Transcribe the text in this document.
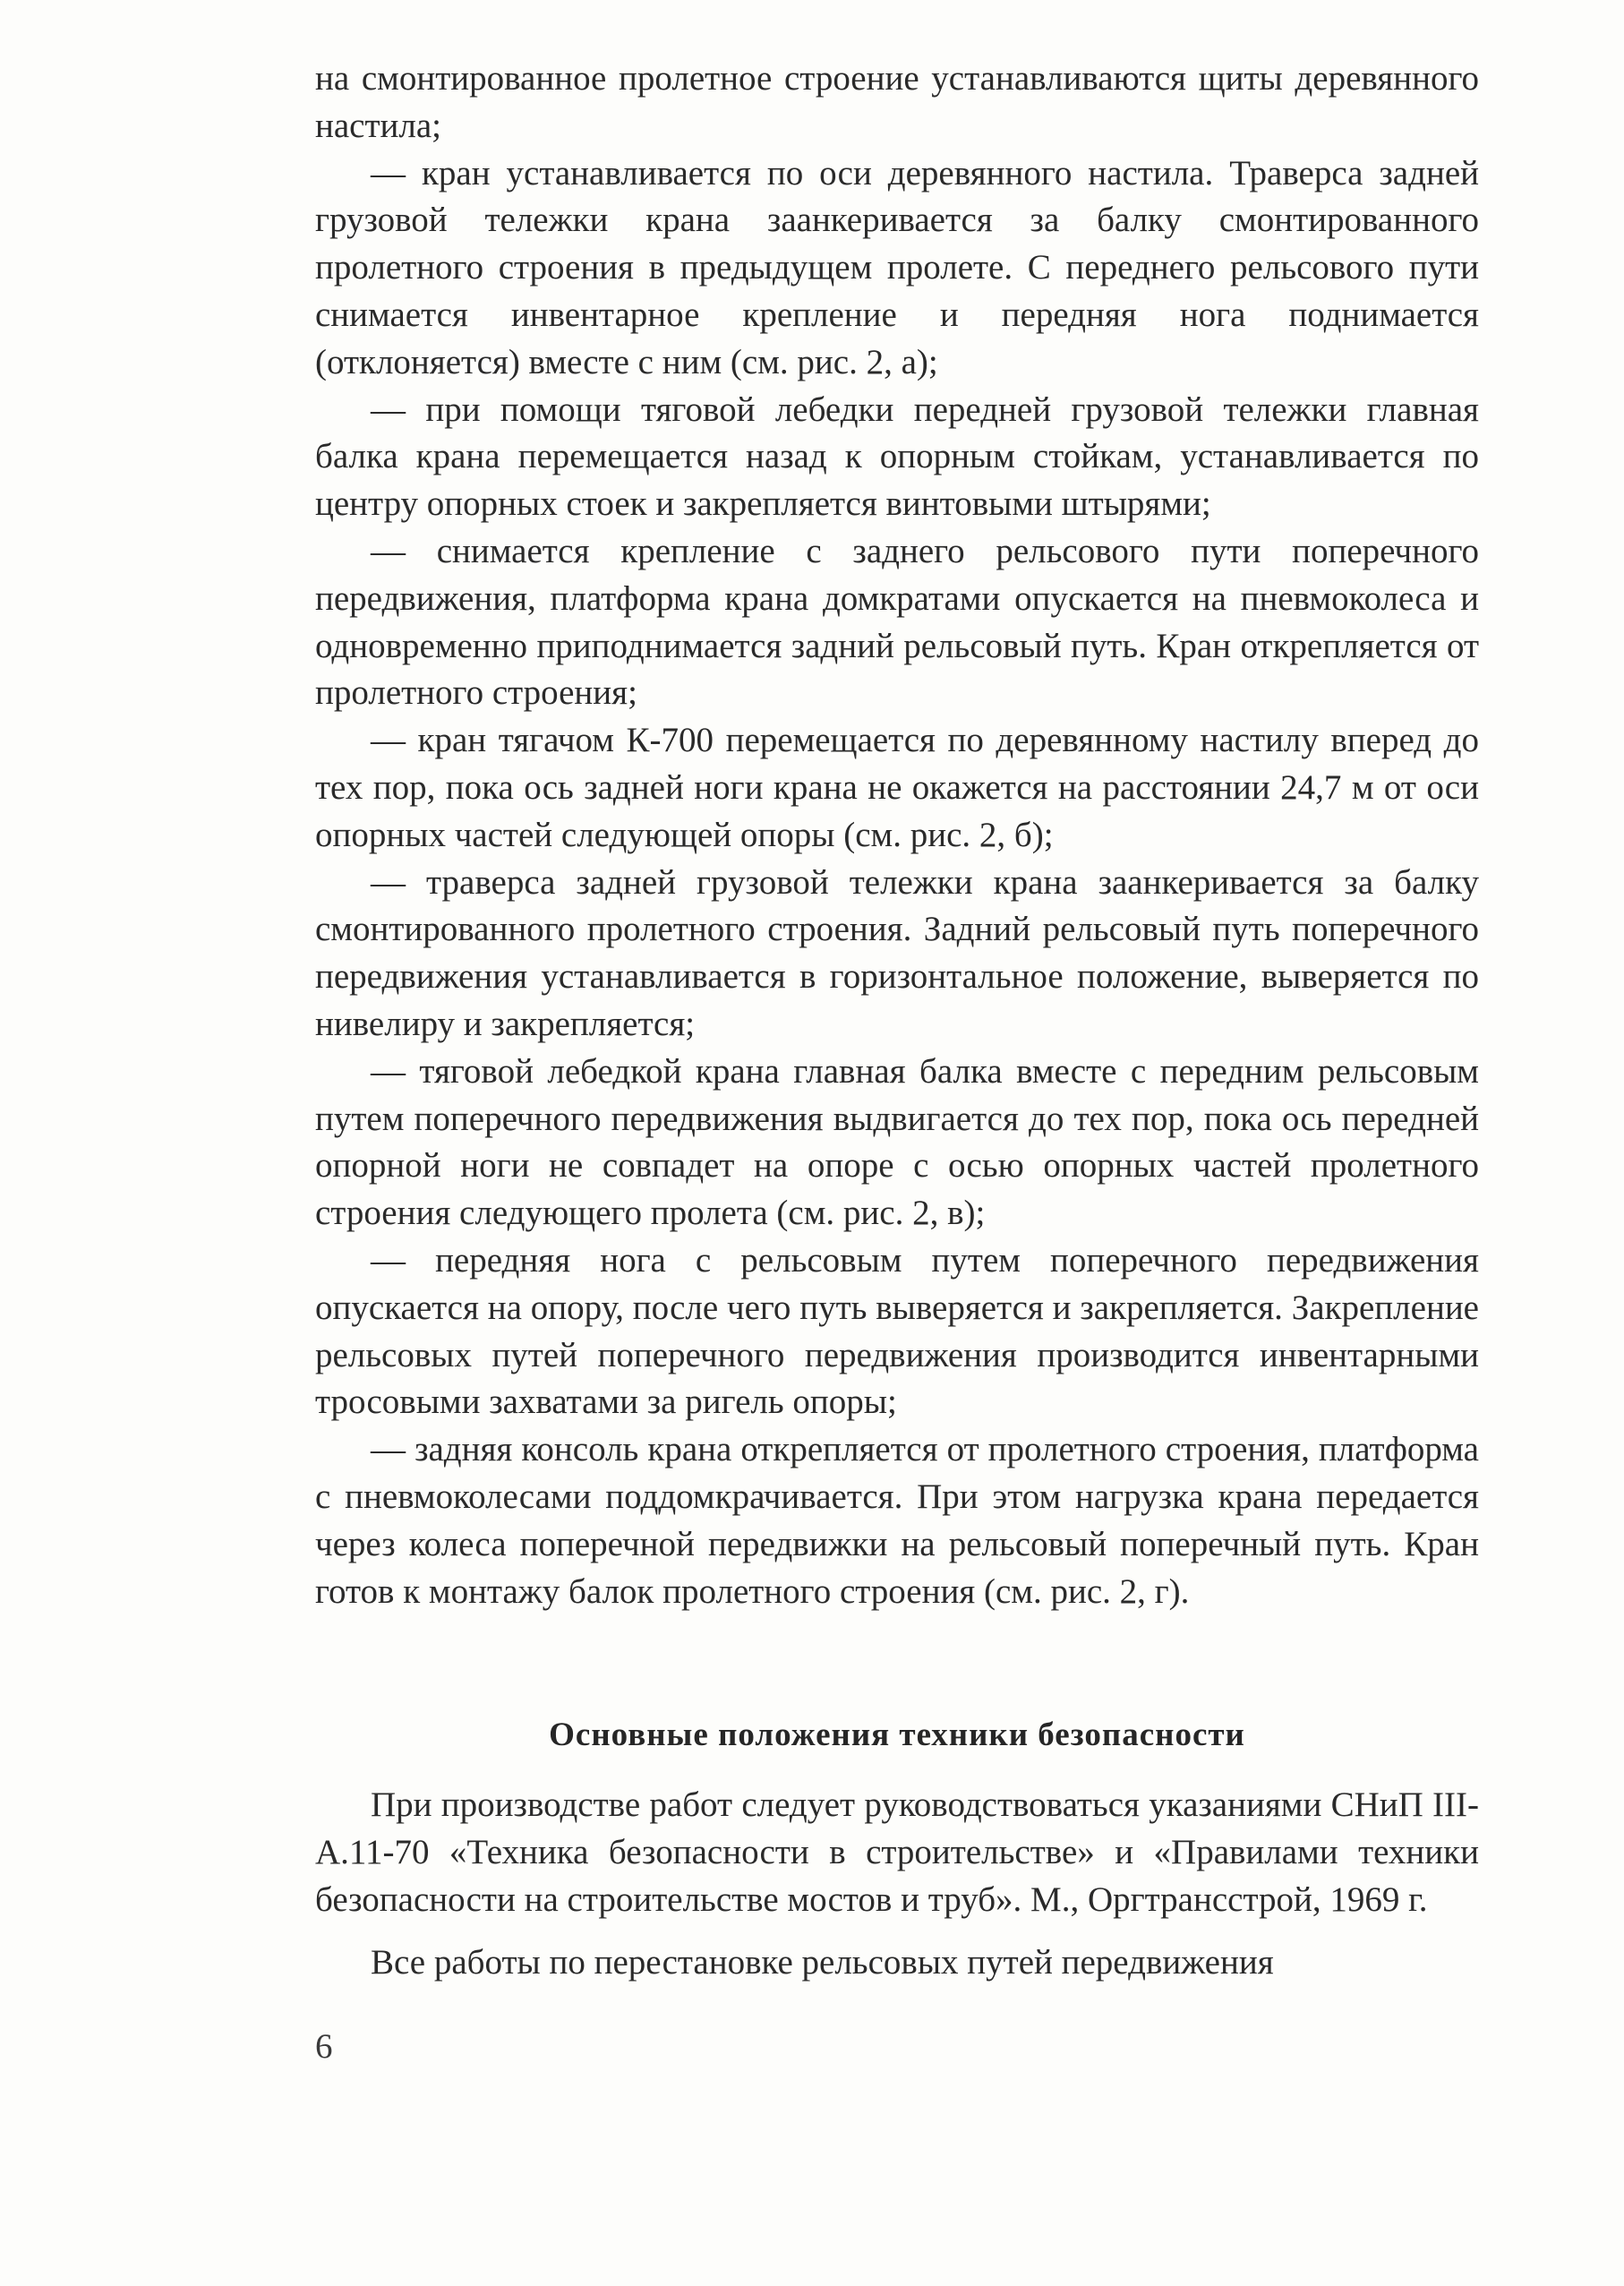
на смонтированное пролетное строение устанавливаются щиты деревянного настила;

— кран устанавливается по оси деревянного настила. Траверса задней грузовой тележки крана заанкеривается за балку смонтированного пролетного строения в предыдущем пролете. С переднего рельсового пути снимается инвентарное крепление и передняя нога поднимается (отклоняется) вместе с ним (см. рис. 2, а);

— при помощи тяговой лебедки передней грузовой тележки главная балка крана перемещается назад к опорным стойкам, устанавливается по центру опорных стоек и закрепляется винтовыми штырями;

— снимается крепление с заднего рельсового пути поперечного передвижения, платформа крана домкратами опускается на пневмоколеса и одновременно приподнимается задний рельсовый путь. Кран открепляется от пролетного строения;

— кран тягачом К-700 перемещается по деревянному настилу вперед до тех пор, пока ось задней ноги крана не окажется на расстоянии 24,7 м от оси опорных частей следующей опоры (см. рис. 2, б);

— траверса задней грузовой тележки крана заанкеривается за балку смонтированного пролетного строения. Задний рельсовый путь поперечного передвижения устанавливается в горизонтальное положение, выверяется по нивелиру и закрепляется;

— тяговой лебедкой крана главная балка вместе с передним рельсовым путем поперечного передвижения выдвигается до тех пор, пока ось передней опорной ноги не совпадет на опоре с осью опорных частей пролетного строения следующего пролета (см. рис. 2, в);

— передняя нога с рельсовым путем поперечного передвижения опускается на опору, после чего путь выверяется и закрепляется. Закрепление рельсовых путей поперечного передвижения производится инвентарными тросовыми захватами за ригель опоры;

— задняя консоль крана открепляется от пролетного строения, платформа с пневмоколесами поддомкрачивается. При этом нагрузка крана передается через колеса поперечной передвижки на рельсовый поперечный путь. Кран готов к монтажу балок пролетного строения (см. рис. 2, г).

Основные положения техники безопасности

При производстве работ следует руководствоваться указаниями СНиП III-А.11-70 «Техника безопасности в строительстве» и «Правилами техники безопасности на строительстве мостов и труб». М., Оргтрансстрой, 1969 г.

Все работы по перестановке рельсовых путей передвижения

6
